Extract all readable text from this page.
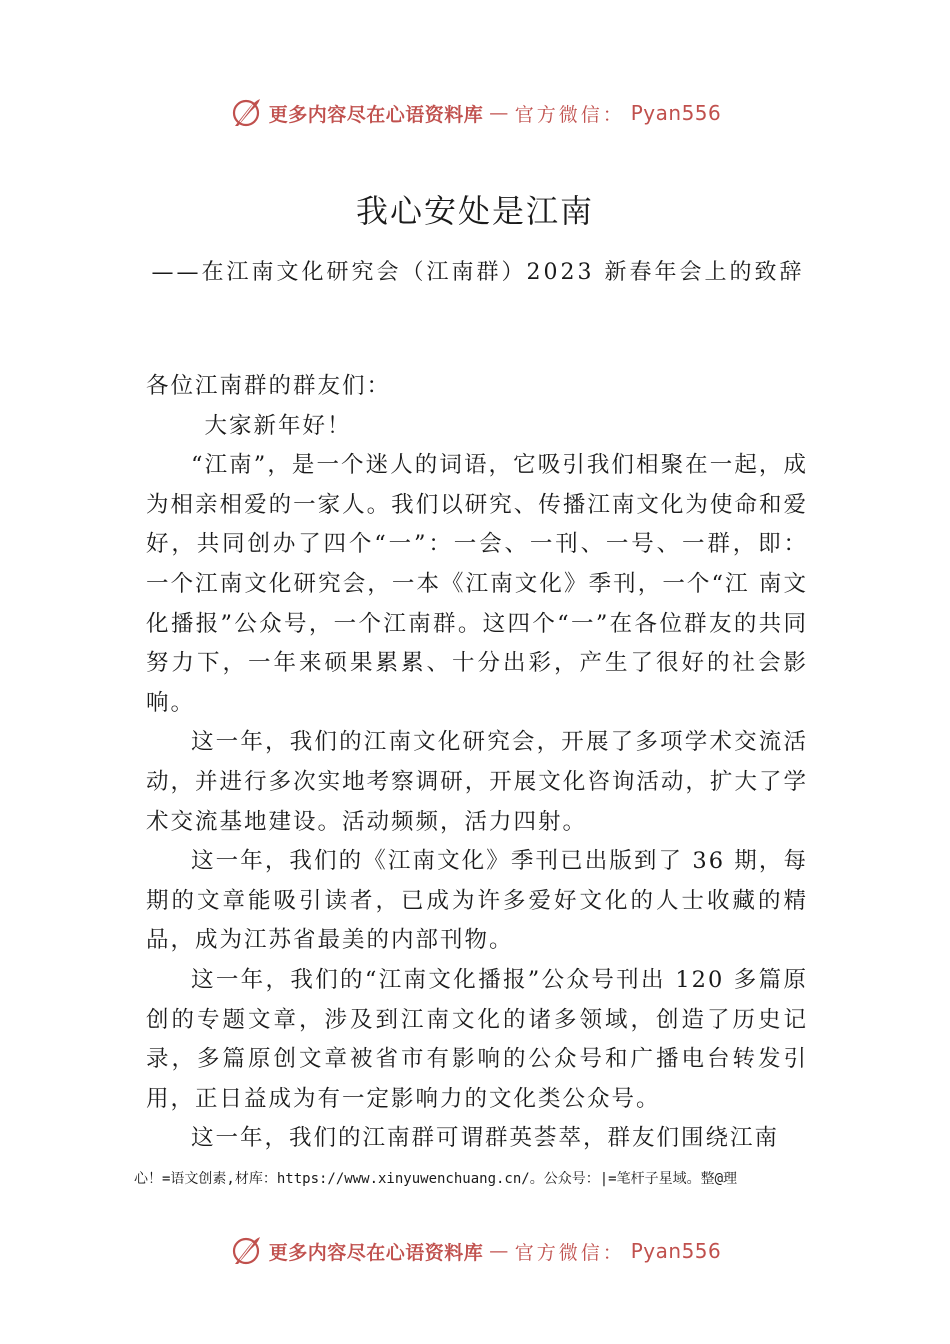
更多内容尽在心语资料库 — 官方微信： Pyan556
我心安处是江南
——在江南文化研究会（江南群）2023 新春年会上的致辞

各位江南群的群友们：

大家新年好！

“江南”，是一个迷人的词语，它吸引我们相聚在一起，成为相亲相爱的一家人。我们以研究、传播江南文化为使命和爱好，共同创办了四个“一”：一会、一刊、一号、一群，即：一个江南文化研究会，一本《江南文化》季刊，一个“江 南文化播报”公众号，一个江南群。这四个“一”在各位群友的共同努力下，一年来硕果累累、十分出彩，产生了很好的社会影响。

这一年，我们的江南文化研究会，开展了多项学术交流活动，并进行多次实地考察调研，开展文化咨询活动，扩大了学术交流基地建设。活动频频，活力四射。

这一年，我们的《江南文化》季刊已出版到了 36 期，每期的文章能吸引读者，已成为许多爱好文化的人士收藏的精品，成为江苏省最美的内部刊物。

这一年，我们的“江南文化播报”公众号刊出 120 多篇原创的专题文章，涉及到江南文化的诸多领域，创造了历史记录，多篇原创文章被省市有影响的公众号和广播电台转发引用，正日益成为有一定影响力的文化类公众号。

这一年，我们的江南群可谓群英荟萃，群友们围绕江南

心！=语文创素,材库：https://www.xinyuwenchuang.cn/。公众号：|=笔杆子星域。整@理
更多内容尽在心语资料库 — 官方微信： Pyan556
